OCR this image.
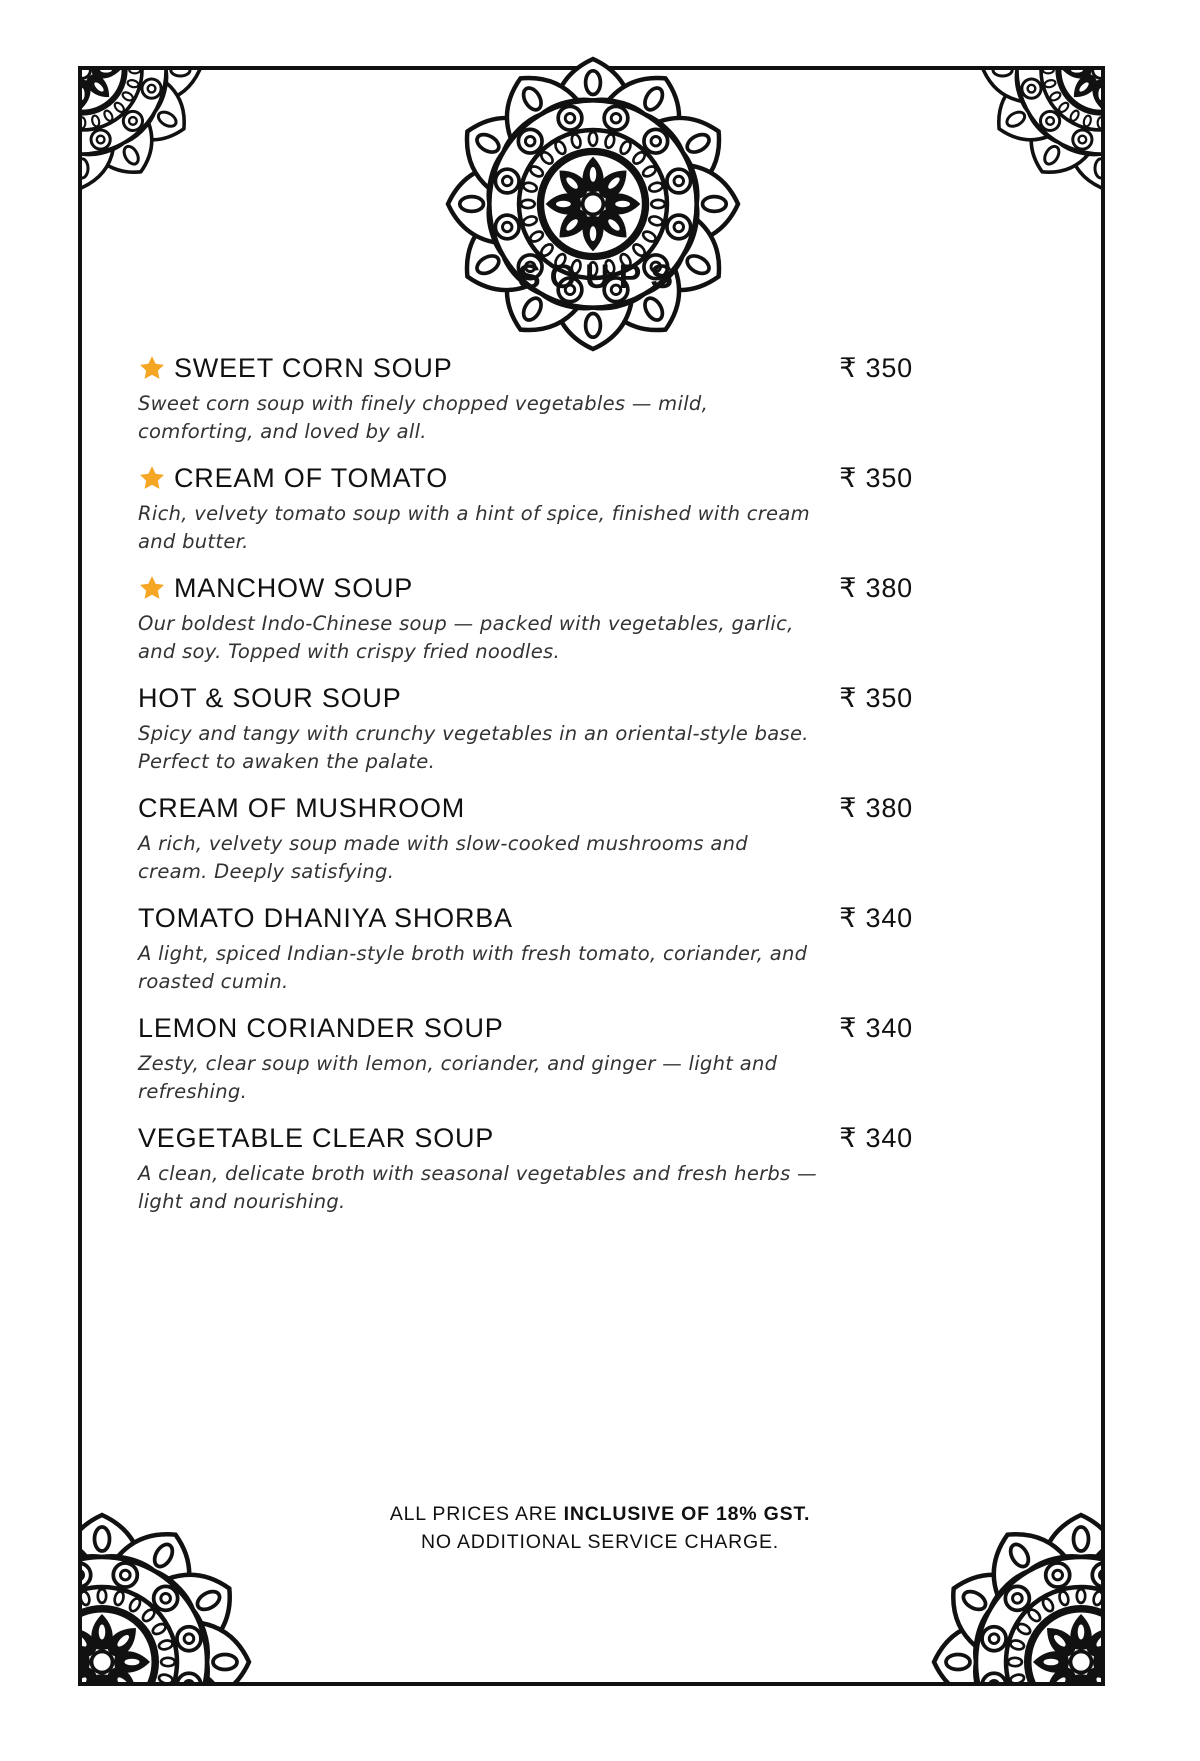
SOUPS
SWEET CORN SOUP	₹ 350
Sweet corn soup with finely chopped vegetables — mild, comforting, and loved by all.
CREAM OF TOMATO	₹ 350
Rich, velvety tomato soup with a hint of spice, finished with cream and butter.
MANCHOW SOUP	₹ 380
Our boldest Indo-Chinese soup — packed with vegetables, garlic, and soy. Topped with crispy fried noodles.
HOT & SOUR SOUP	₹ 350
Spicy and tangy with crunchy vegetables in an oriental-style base. Perfect to awaken the palate.
CREAM OF MUSHROOM	₹ 380
A rich, velvety soup made with slow-cooked mushrooms and cream. Deeply satisfying.
TOMATO DHANIYA SHORBA	₹ 340
A light, spiced Indian-style broth with fresh tomato, coriander, and roasted cumin.
LEMON CORIANDER SOUP	₹ 340
Zesty, clear soup with lemon, coriander, and ginger — light and refreshing.
VEGETABLE CLEAR SOUP	₹ 340
A clean, delicate broth with seasonal vegetables and fresh herbs — light and nourishing.
ALL PRICES ARE INCLUSIVE OF 18% GST.
NO ADDITIONAL SERVICE CHARGE.
